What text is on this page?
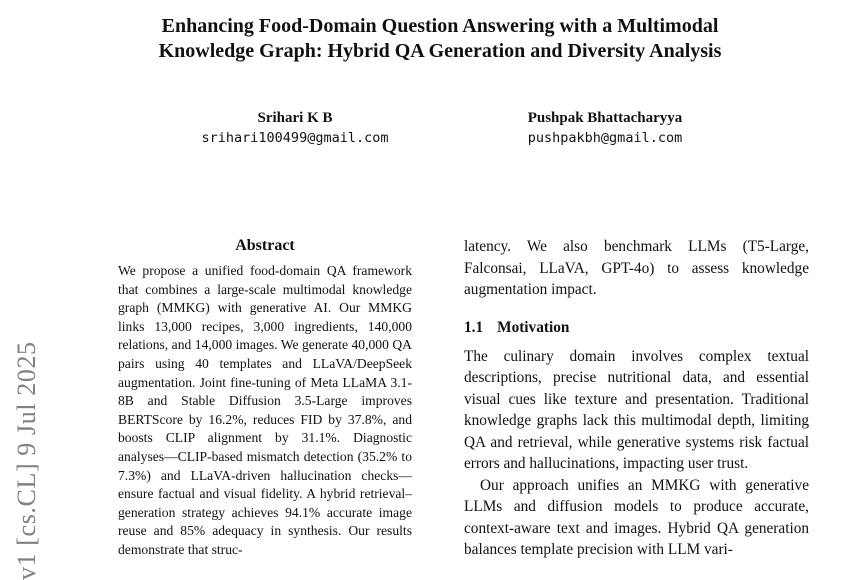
v1 [cs.CL] 9 Jul 2025
Enhancing Food-Domain Question Answering with a Multimodal
Knowledge Graph: Hybrid QA Generation and Diversity Analysis
Srihari K B
srihari100499@gmail.com
Pushpak Bhattacharyya
pushpakbh@gmail.com
Abstract
We propose a unified food-domain QA framework that combines a large-scale multimodal knowledge graph (MMKG) with generative AI. Our MMKG links 13,000 recipes, 3,000 ingredients, 140,000 relations, and 14,000 images. We generate 40,000 QA pairs using 40 templates and LLaVA/DeepSeek augmentation. Joint fine-tuning of Meta LLaMA 3.1-8B and Stable Diffusion 3.5-Large improves BERTScore by 16.2%, reduces FID by 37.8%, and boosts CLIP alignment by 31.1%. Diagnostic analyses—CLIP-based mismatch detection (35.2% to 7.3%) and LLaVA-driven hallucination checks—ensure factual and visual fidelity. A hybrid retrieval–generation strategy achieves 94.1% accurate image reuse and 85% adequacy in synthesis. Our results demonstrate that struc-

latency. We also benchmark LLMs (T5-Large, Falconsai, LLaVA, GPT-4o) to assess knowledge augmentation impact.

1.1 Motivation

The culinary domain involves complex textual descriptions, precise nutritional data, and essential visual cues like texture and presentation. Traditional knowledge graphs lack this multimodal depth, limiting QA and retrieval, while generative systems risk factual errors and hallucinations, impacting user trust.

Our approach unifies an MMKG with generative LLMs and diffusion models to produce accurate, context-aware text and images. Hybrid QA generation balances template precision with LLM vari-
